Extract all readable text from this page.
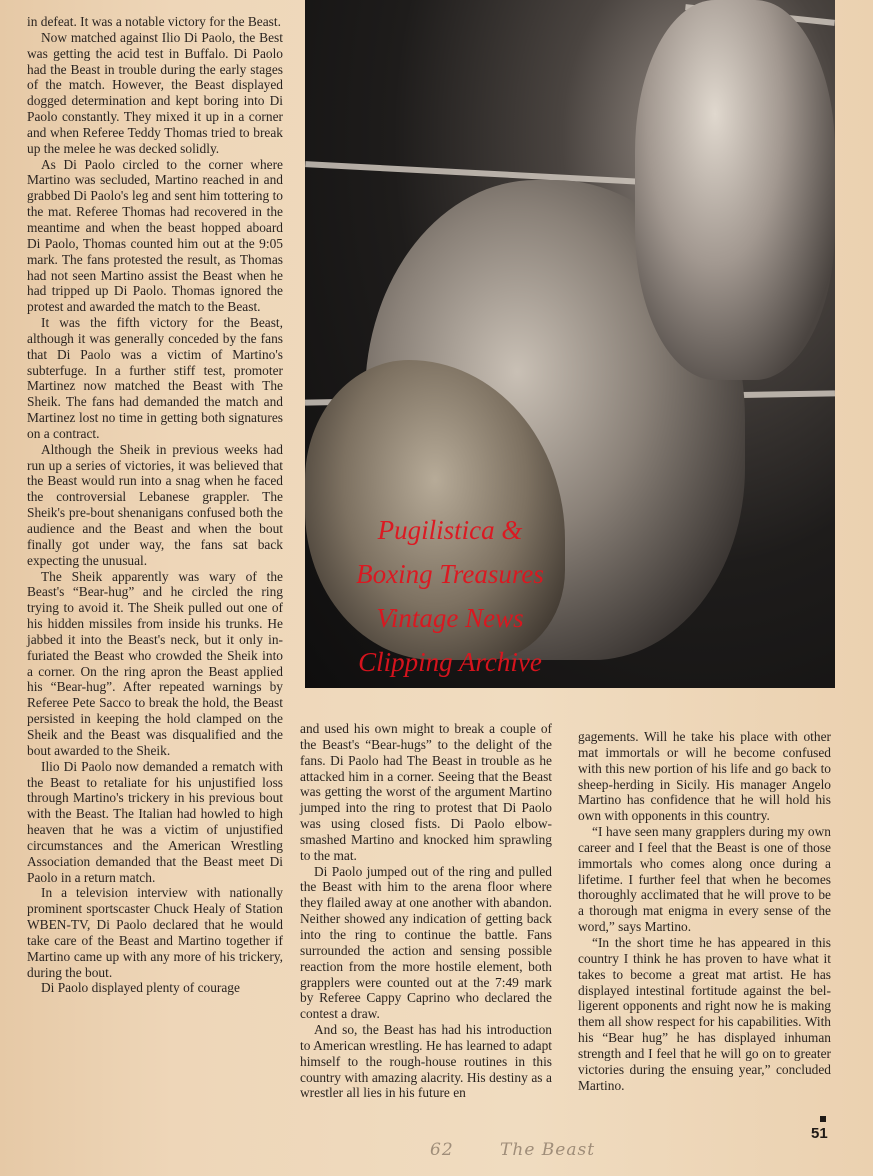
in defeat. It was a notable victory for the Beast.

Now matched against Ilio Di Paolo, the Best was getting the acid test in Buffalo. Di Paolo had the Beast in trouble during the early stages of the match. However, the Beast displayed dogged determination and kept boring into Di Paolo constantly. They mixed it up in a corner and when Referee Teddy Thomas tried to break up the melee he was decked solidly.

As Di Paolo circled to the corner where Martino was secluded, Martino reached in and grabbed Di Paolo's leg and sent him tottering to the mat. Referee Thomas had recovered in the meantime and when the beast hopped aboard Di Paolo, Thomas counted him out at the 9:05 mark. The fans protested the result, as Thomas had not seen Martino assist the Beast when he had tripped up Di Paolo. Thomas ignored the protest and awarded the match to the Beast.

It was the fifth victory for the Beast, although it was generally conceded by the fans that Di Paolo was a victim of Martino's subterfuge. In a further stiff test, promoter Martinez now matched the Beast with The Sheik. The fans had demanded the match and Martinez lost no time in getting both signatures on a contract.

Although the Sheik in previous weeks had run up a series of victories, it was believed that the Beast would run into a snag when he faced the controversial Lebanese grappler. The Sheik's pre-bout shenanigans confused both the audience and the Beast and when the bout finally got under way, the fans sat back expecting the unusual.

The Sheik apparently was wary of the Beast's “Bear-hug” and he circled the ring trying to avoid it. The Sheik pulled out one of his hidden missiles from inside his trunks. He jabbed it into the Beast's neck, but it only infuriated the Beast who crowded the Sheik into a corner. On the ring apron the Beast applied his “Bear-hug”. After repeated warnings by Referee Pete Sacco to break the hold, the Beast persisted in keeping the hold clamped on the Sheik and the Beast was disqualified and the bout awarded to the Sheik.

Ilio Di Paolo now demanded a rematch with the Beast to retaliate for his unjustified loss through Martino's trickery in his previous bout with the Beast. The Italian had howled to high heaven that he was a victim of unjustified circumstances and the American Wrestling Association demanded that the Beast meet Di Paolo in a return match.

In a television interview with nationally prominent sportscaster Chuck Healy of Station WBEN-TV, Di Paolo declared that he would take care of the Beast and Martino together if Martino came up with any more of his trickery, during the bout.

Di Paolo displayed plenty of courage

Pugilistica &
Boxing Treasures
Vintage News
Clipping Archive

and used his own might to break a couple of the Beast's “Bear-hugs” to the delight of the fans. Di Paolo had The Beast in trouble as he attacked him in a corner. Seeing that the Beast was getting the worst of the argument Martino jumped into the ring to protest that Di Paolo was using closed fists. Di Paolo elbow-smashed Martino and knocked him sprawling to the mat.

Di Paolo jumped out of the ring and pulled the Beast with him to the arena floor where they flailed away at one another with abandon. Neither showed any indication of getting back into the ring to continue the battle. Fans surrounded the action and sensing possible reaction from the more hostile element, both grapplers were counted out at the 7:49 mark by Referee Cappy Caprino who declared the contest a draw.

And so, the Beast has had his introduction to American wrestling. He has learned to adapt himself to the rough-house routines in this country with amazing alacrity. His destiny as a wrestler all lies in his future en

gagements. Will he take his place with other mat immortals or will he become confused with this new portion of his life and go back to sheep-herding in Sicily. His manager Angelo Martino has confidence that he will hold his own with opponents in this country.

“I have seen many grapplers during my own career and I feel that the Beast is one of those immortals who comes along once during a lifetime. I further feel that when he becomes thoroughly acclimated that he will prove to be a thorough mat enigma in every sense of the word,” says Martino.

“In the short time he has appeared in this country I think he has proven to have what it takes to become a great mat artist. He has displayed intestinal fortitude against the belligerent opponents and right now he is making them all show respect for his capabilities. With his “Bear hug” he has displayed inhuman strength and I feel that he will go on to greater victories during the ensuing year,” concluded Martino.

51
62	The Beast
